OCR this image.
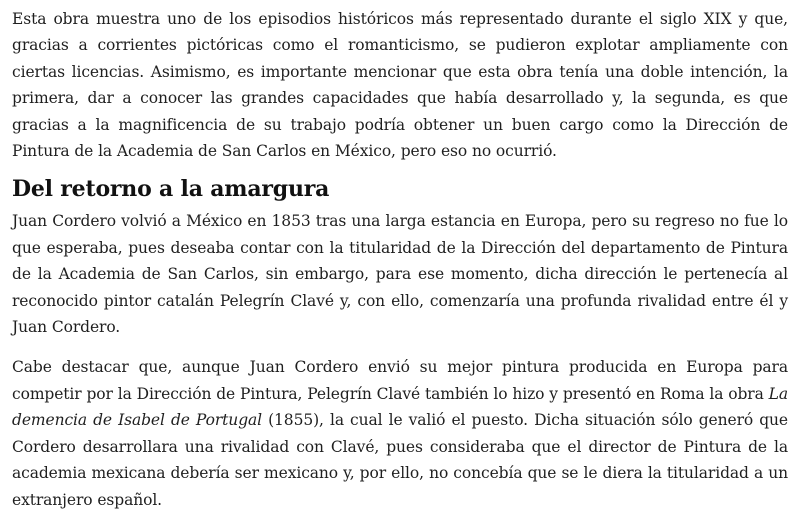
Esta obra muestra uno de los episodios históricos más representado durante el siglo XIX y que, gracias a corrientes pictóricas como el romanticismo, se pudieron explotar ampliamente con ciertas licencias. Asimismo, es importante mencionar que esta obra tenía una doble intención, la primera, dar a conocer las grandes capacidades que había desarrollado y, la segunda, es que gracias a la magnificencia de su trabajo podría obtener un buen cargo como la Dirección de Pintura de la Academia de San Carlos en México, pero eso no ocurrió.

Del retorno a la amargura

Juan Cordero volvió a México en 1853 tras una larga estancia en Europa, pero su regreso no fue lo que esperaba, pues deseaba contar con la titularidad de la Dirección del departamento de Pintura de la Academia de San Carlos, sin embargo, para ese momento, dicha dirección le pertenecía al reconocido pintor catalán Pelegrín Clavé y, con ello, comenzaría una profunda rivalidad entre él y Juan Cordero.

Cabe destacar que, aunque Juan Cordero envió su mejor pintura producida en Europa para competir por la Dirección de Pintura, Pelegrín Clavé también lo hizo y presentó en Roma la obra La demencia de Isabel de Portugal (1855), la cual le valió el puesto. Dicha situación sólo generó que Cordero desarrollara una rivalidad con Clavé, pues consideraba que el director de Pintura de la academia mexicana debería ser mexicano y, por ello, no concebía que se le diera la titularidad a un extranjero español.
